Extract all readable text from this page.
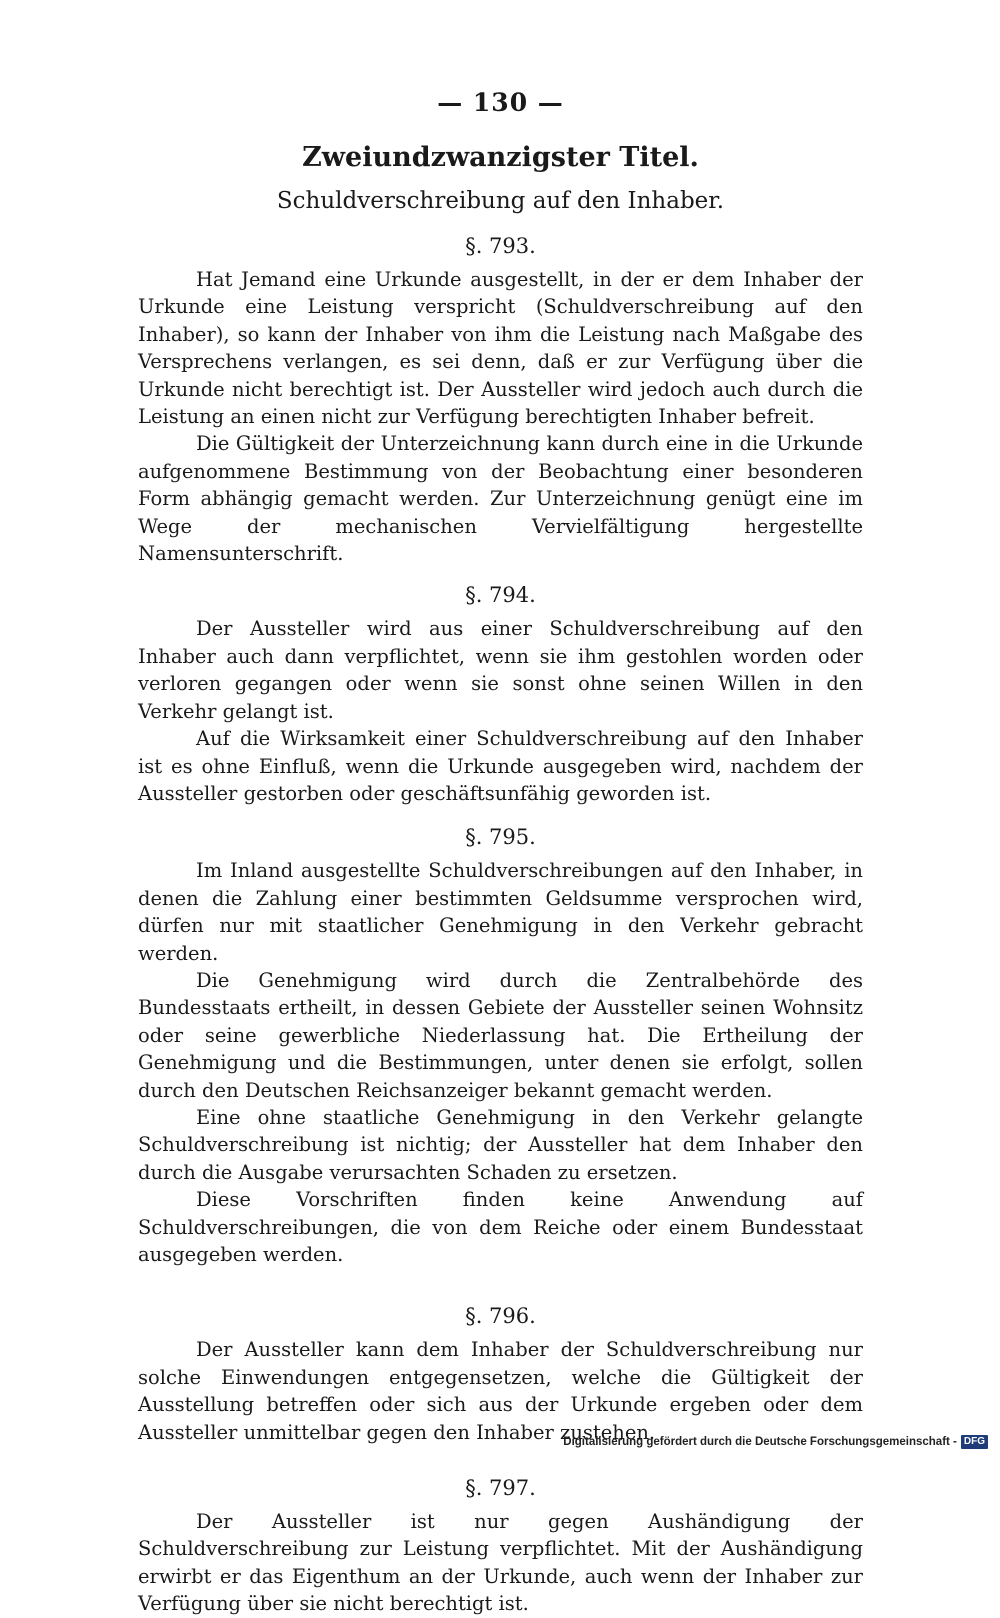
— 130 —
Zweiundzwanzigster Titel.
Schuldverschreibung auf den Inhaber.
§. 793.

Hat Jemand eine Urkunde ausgestellt, in der er dem Inhaber der Urkunde eine Leistung verspricht (Schuldverschreibung auf den Inhaber), so kann der Inhaber von ihm die Leistung nach Maßgabe des Versprechens verlangen, es sei denn, daß er zur Verfügung über die Urkunde nicht berechtigt ist. Der Aussteller wird jedoch auch durch die Leistung an einen nicht zur Verfügung berechtigten Inhaber befreit.

Die Gültigkeit der Unterzeichnung kann durch eine in die Urkunde aufgenommene Bestimmung von der Beobachtung einer besonderen Form abhängig gemacht werden. Zur Unterzeichnung genügt eine im Wege der mechanischen Vervielfältigung hergestellte Namensunterschrift.

§. 794.

Der Aussteller wird aus einer Schuldverschreibung auf den Inhaber auch dann verpflichtet, wenn sie ihm gestohlen worden oder verloren gegangen oder wenn sie sonst ohne seinen Willen in den Verkehr gelangt ist.

Auf die Wirksamkeit einer Schuldverschreibung auf den Inhaber ist es ohne Einfluß, wenn die Urkunde ausgegeben wird, nachdem der Aussteller gestorben oder geschäftsunfähig geworden ist.

§. 795.

Im Inland ausgestellte Schuldverschreibungen auf den Inhaber, in denen die Zahlung einer bestimmten Geldsumme versprochen wird, dürfen nur mit staatlicher Genehmigung in den Verkehr gebracht werden.

Die Genehmigung wird durch die Zentralbehörde des Bundesstaats ertheilt, in dessen Gebiete der Aussteller seinen Wohnsitz oder seine gewerbliche Niederlassung hat. Die Ertheilung der Genehmigung und die Bestimmungen, unter denen sie erfolgt, sollen durch den Deutschen Reichsanzeiger bekannt gemacht werden.

Eine ohne staatliche Genehmigung in den Verkehr gelangte Schuldverschreibung ist nichtig; der Aussteller hat dem Inhaber den durch die Ausgabe verursachten Schaden zu ersetzen.

Diese Vorschriften finden keine Anwendung auf Schuldverschreibungen, die von dem Reiche oder einem Bundesstaat ausgegeben werden.

§. 796.

Der Aussteller kann dem Inhaber der Schuldverschreibung nur solche Einwendungen entgegensetzen, welche die Gültigkeit der Ausstellung betreffen oder sich aus der Urkunde ergeben oder dem Aussteller unmittelbar gegen den Inhaber zustehen.

§. 797.

Der Aussteller ist nur gegen Aushändigung der Schuldverschreibung zur Leistung verpflichtet. Mit der Aushändigung erwirbt er das Eigenthum an der Urkunde, auch wenn der Inhaber zur Verfügung über sie nicht berechtigt ist.

Digitalisierung gefördert durch die Deutsche Forschungsgemeinschaft - DFG
